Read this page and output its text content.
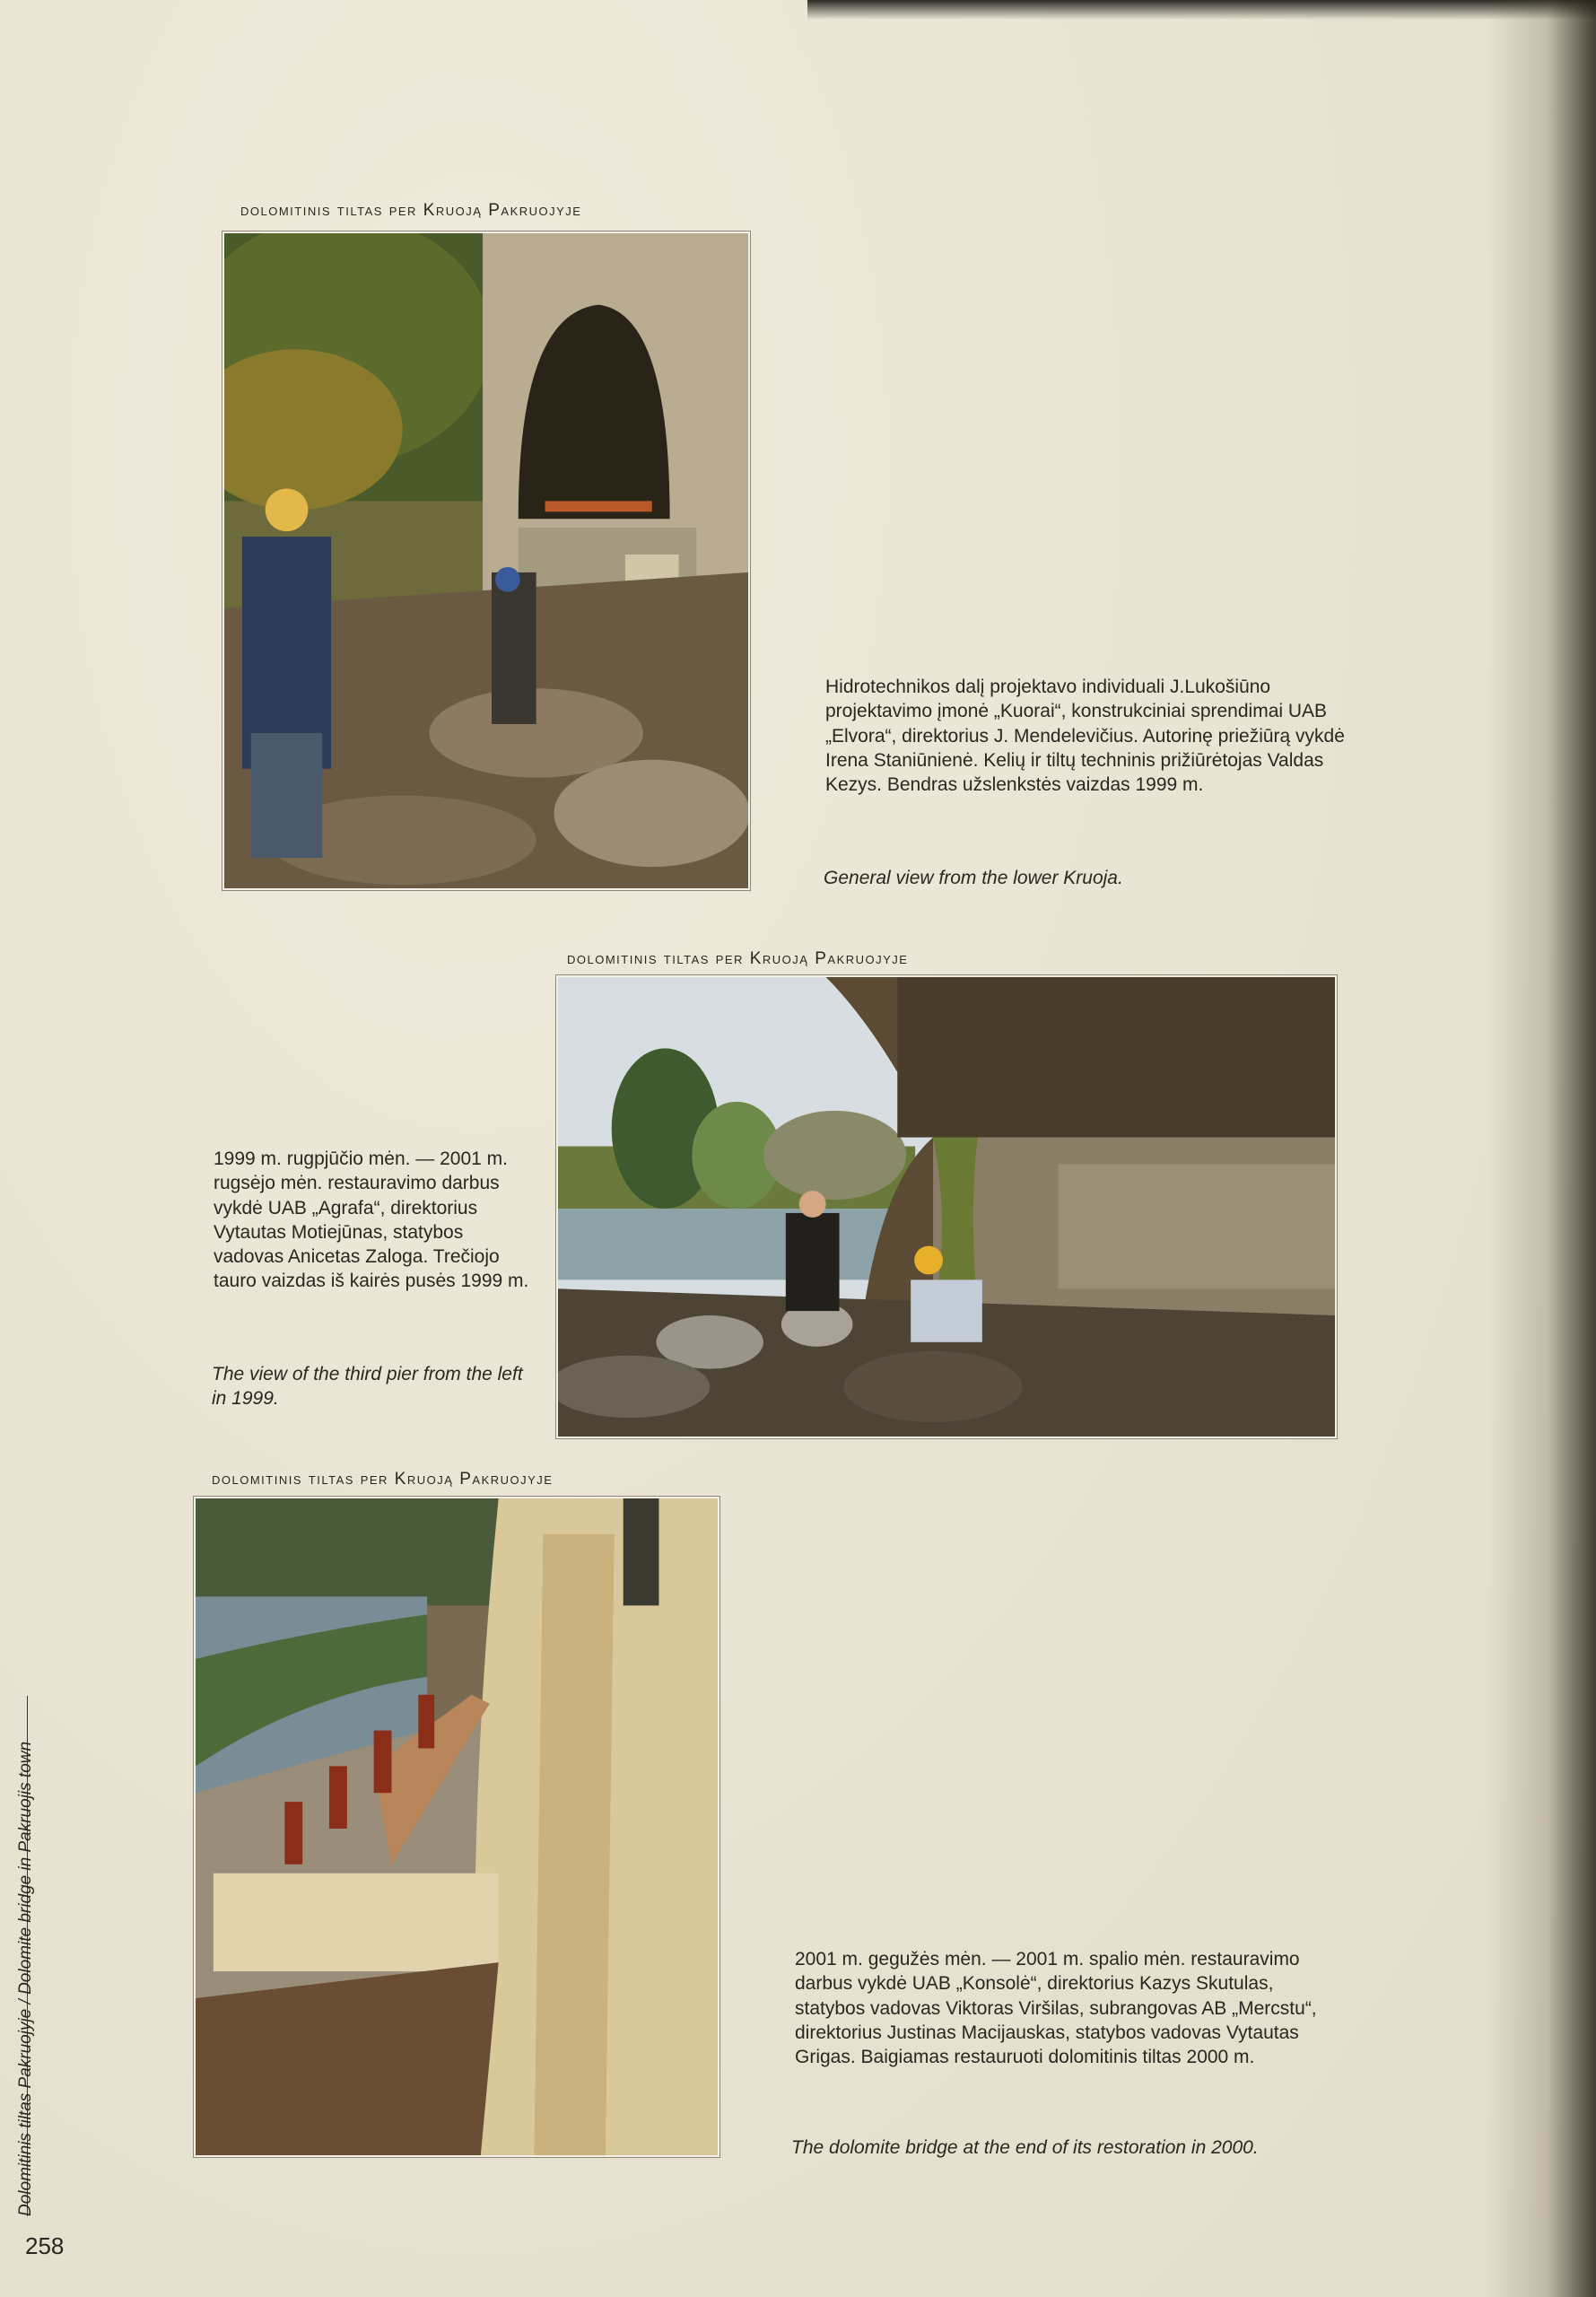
dolomitinis tiltas per Kruoją Pakruojyje
Hidrotechnikos dalį projektavo individuali J.Lukošiūno projektavimo įmonė „Kuorai“, konstrukciniai sprendimai UAB „Elvora“, direktorius J. Mendelevičius. Autorinę priežiūrą vykdė Irena Staniūnienė. Kelių ir tiltų techninis prižiūrėtojas Valdas Kezys. Bendras užslenkstės vaizdas 1999 m.
General view from the lower Kruoja.
dolomitinis tiltas per Kruoją Pakruojyje
1999 m. rugpjūčio mėn. — 2001 m. rugsėjo mėn. restauravimo darbus vykdė UAB „Agrafa“, direktorius Vytautas Motiejūnas, statybos vadovas Anicetas Zaloga. Trečiojo tauro vaizdas iš kairės pusės 1999 m.
The view of the third pier from the left in 1999.
dolomitinis tiltas per Kruoją Pakruojyje
2001 m. gegužės mėn. — 2001 m. spalio mėn. restauravimo darbus vykdė UAB „Konsolė“, direktorius Kazys Skutulas, statybos vadovas Viktoras Viršilas, subrangovas AB „Mercstu“, direktorius Justinas Macijauskas, statybos vadovas Vytautas Grigas. Baigiamas restauruoti dolomitinis tiltas 2000 m.
The dolomite bridge at the end of its restoration in 2000.
Dolomitinis tiltas Pakruojyje / Dolomite bridge in Pakruojis town
258
